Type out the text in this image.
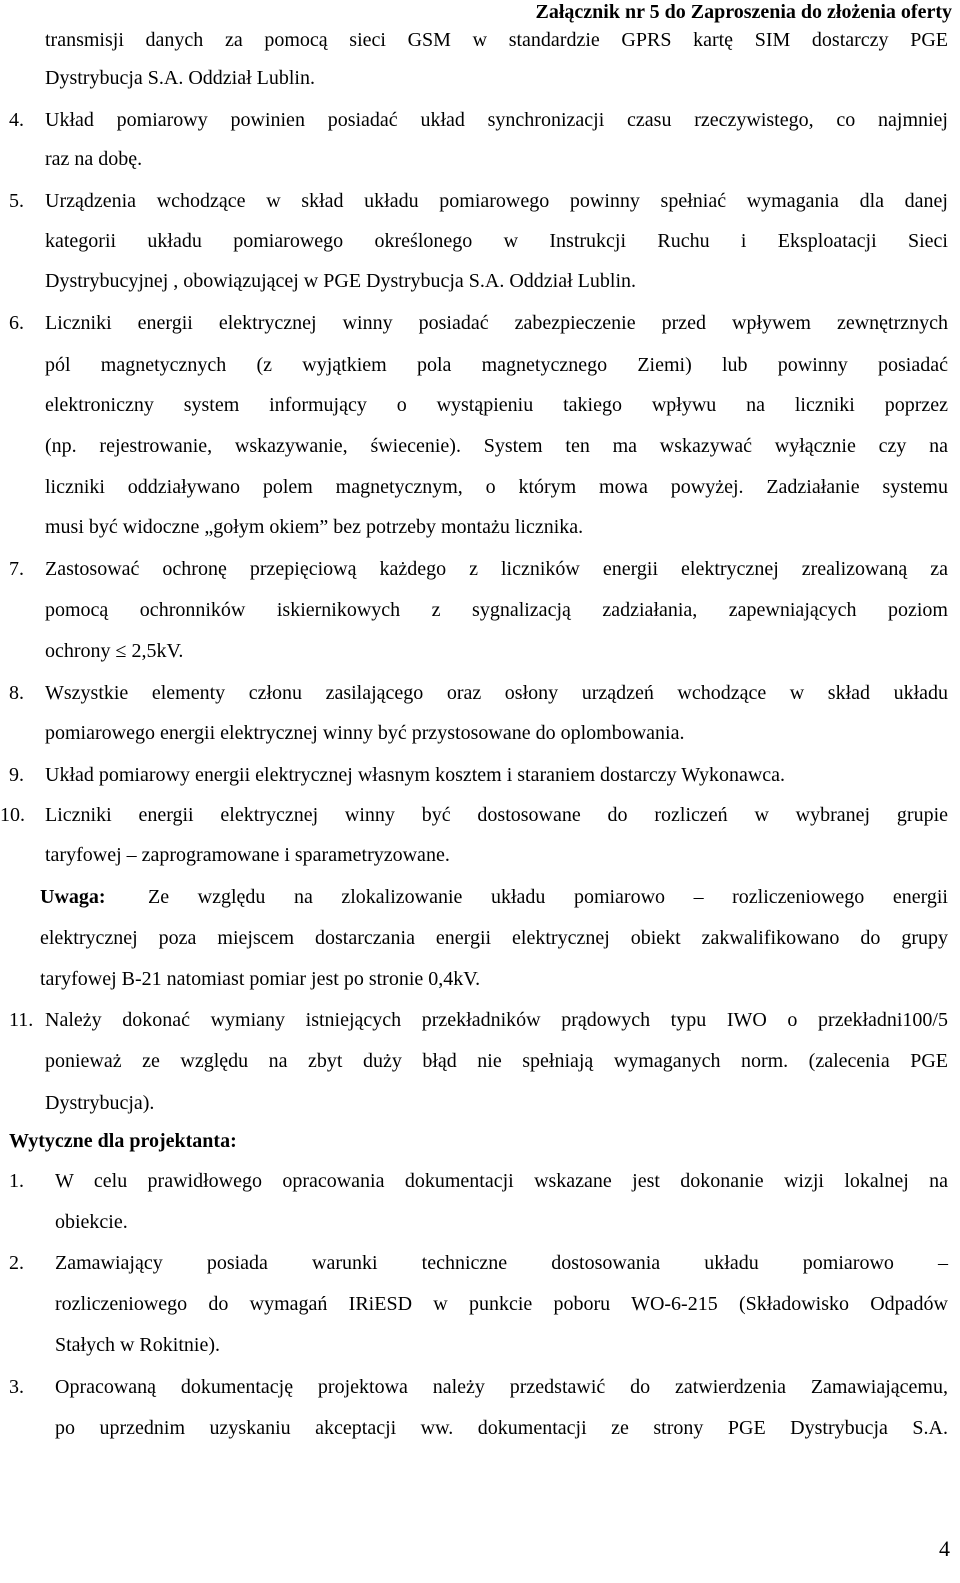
Załącznik nr 5 do Zaproszenia do złożenia oferty
transmisji danych za pomocą sieci GSM w standardzie GPRS kartę SIM dostarczy PGE
Dystrybucja S.A. Oddział Lublin.
4. Układ pomiarowy powinien posiadać układ synchronizacji czasu rzeczywistego, co najmniej
raz na dobę.
5. Urządzenia wchodzące w skład układu pomiarowego powinny spełniać wymagania dla danej
kategorii układu pomiarowego określonego w Instrukcji Ruchu i Eksploatacji Sieci
Dystrybucyjnej , obowiązującej w PGE Dystrybucja S.A. Oddział Lublin.
6. Liczniki energii elektrycznej winny posiadać zabezpieczenie przed wpływem zewnętrznych
pól magnetycznych (z wyjątkiem pola magnetycznego Ziemi) lub powinny posiadać
elektroniczny system informujący o wystąpieniu takiego wpływu na liczniki poprzez
(np. rejestrowanie, wskazywanie, świecenie). System ten ma wskazywać wyłącznie czy na
liczniki oddziaływano polem magnetycznym, o którym mowa powyżej. Zadziałanie systemu
musi być widoczne „gołym okiem” bez potrzeby montażu licznika.
7. Zastosować ochronę przepięciową każdego z liczników energii elektrycznej zrealizowaną za
pomocą ochronników iskiernikowych z sygnalizacją zadziałania, zapewniających poziom
ochrony ≤ 2,5kV.
8. Wszystkie elementy członu zasilającego oraz osłony urządzeń wchodzące w skład układu
pomiarowego energii elektrycznej winny być przystosowane do oplombowania.
9. Układ pomiarowy energii elektrycznej własnym kosztem i staraniem dostarczy Wykonawca.
10. Liczniki energii elektrycznej winny być dostosowane do rozliczeń w wybranej grupie
taryfowej – zaprogramowane i sparametryzowane.
Uwaga: Ze względu na zlokalizowanie układu pomiarowo – rozliczeniowego energii
elektrycznej poza miejscem dostarczania energii elektrycznej obiekt zakwalifikowano do grupy
taryfowej B-21 natomiast pomiar jest po stronie 0,4kV.
11. Należy dokonać wymiany istniejących przekładników prądowych typu IWO o przekładni100/5
ponieważ ze względu na zbyt duży błąd nie spełniają wymaganych norm. (zalecenia PGE
Dystrybucja).
Wytyczne dla projektanta:
1. W celu prawidłowego opracowania dokumentacji wskazane jest dokonanie wizji lokalnej na
obiekcie.
2. Zamawiający posiada warunki techniczne dostosowania układu pomiarowo –
rozliczeniowego do wymagań IRiESD w punkcie poboru WO-6-215 (Składowisko Odpadów
Stałych w Rokitnie).
3. Opracowaną dokumentację projektowa należy przedstawić do zatwierdzenia Zamawiającemu,
po uprzednim uzyskaniu akceptacji ww. dokumentacji ze strony PGE Dystrybucja S.A.
4
